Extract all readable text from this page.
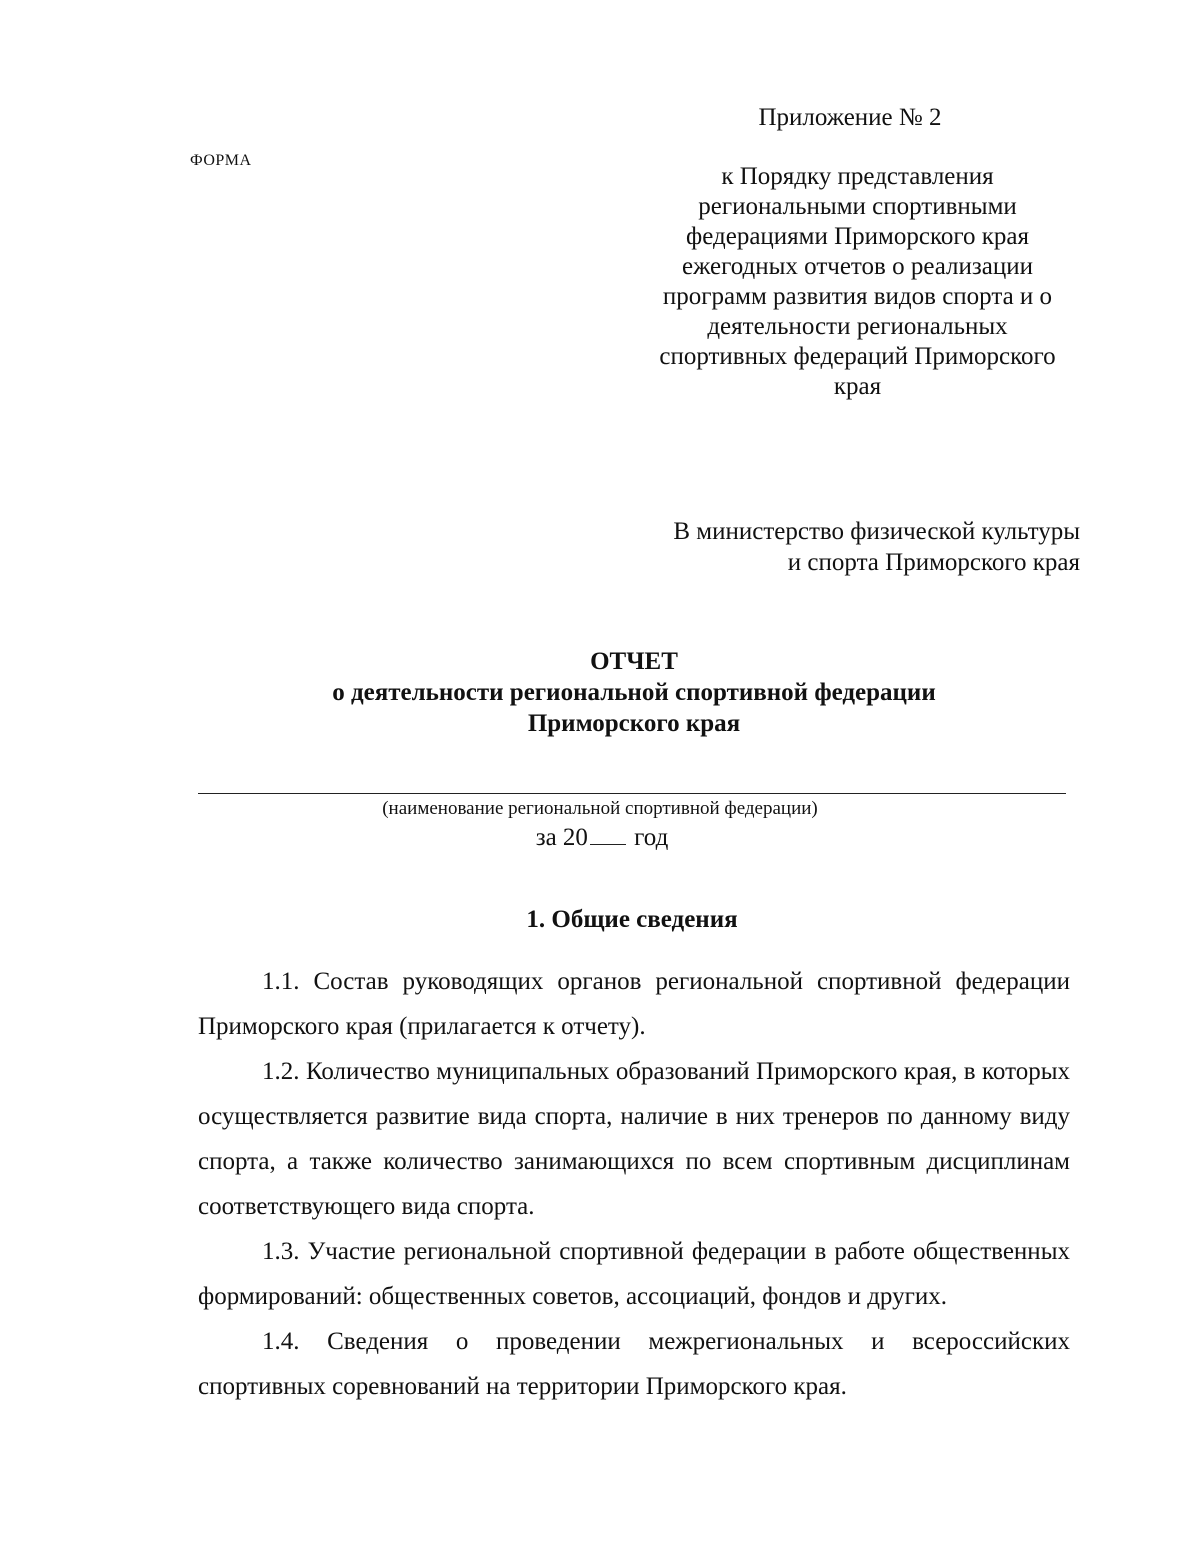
ФОРМА
Приложение № 2
к Порядку представления
региональными спортивными
федерациями Приморского края
ежегодных отчетов о реализации
программ развития видов спорта и о
деятельности региональных
спортивных федераций Приморского
края
В министерство физической культуры
и спорта Приморского края
ОТЧЕТ
о деятельности региональной спортивной федерации
Приморского края
(наименование региональной спортивной федерации)
за 20 год
1. Общие сведения

1.1. Состав руководящих органов региональной спортивной федерации Приморского края (прилагается к отчету).

1.2. Количество муниципальных образований Приморского края, в которых осуществляется развитие вида спорта, наличие в них тренеров по данному виду спорта, а также количество занимающихся по всем спортивным дисциплинам соответствующего вида спорта.

1.3. Участие региональной спортивной федерации в работе общественных формирований: общественных советов, ассоциаций, фондов и других.

1.4. Сведения о проведении межрегиональных и всероссийских спортивных соревнований на территории Приморского края.
